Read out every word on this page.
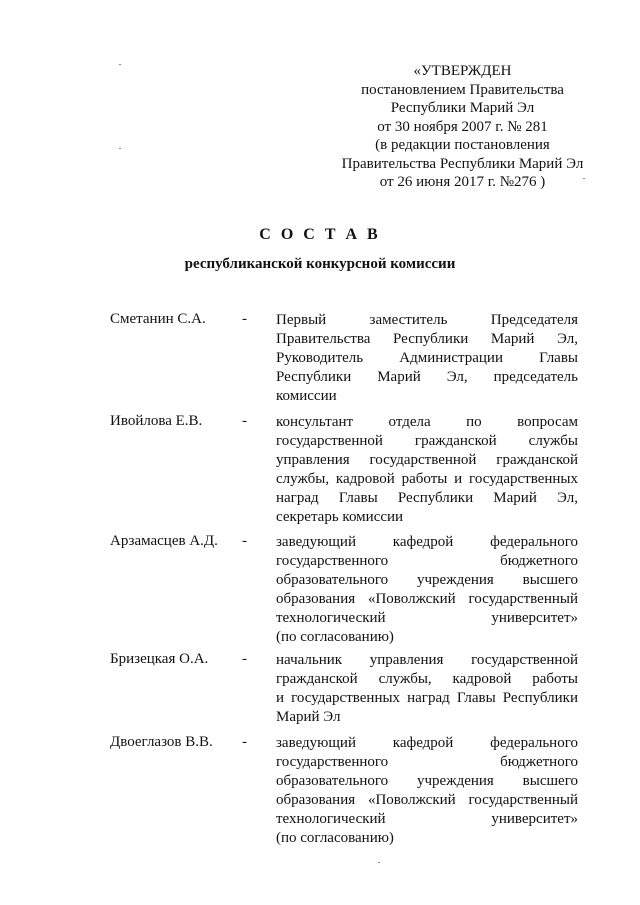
«УТВЕРЖДЕН
постановлением Правительства
Республики Марий Эл
от 30 ноября 2007 г. № 281
(в редакции постановления
Правительства Республики Марий Эл
от 26 июня 2017 г. №276 )
С О С Т А В
республиканской конкурсной комиссии
Сметанин С.А. - Первый заместитель Председателя
Правительства Республики Марий Эл,
Руководитель Администрации Главы
Республики Марий Эл, председатель
комиссии
Ивойлова Е.В.	- консультант отдела по вопросам
государственной гражданской службы
управления государственной гражданской
службы, кадровой работы и государственных
наград Главы Республики Марий Эл,
секретарь комиссии
Арзамасцев А.Д. - заведующий кафедрой федерального
государственного бюджетного
образовательного учреждения высшего
образования «Поволжский государственный
технологический университет»
(по согласованию)
Бризецкая О.А. - начальник управления государственной
гражданской службы, кадровой работы
и государственных наград Главы Республики
Марий Эл
Двоеглазов В.В. - заведующий кафедрой федерального
государственного бюджетного
образовательного учреждения высшего
образования «Поволжский государственный
технологический университет»
(по согласованию)
